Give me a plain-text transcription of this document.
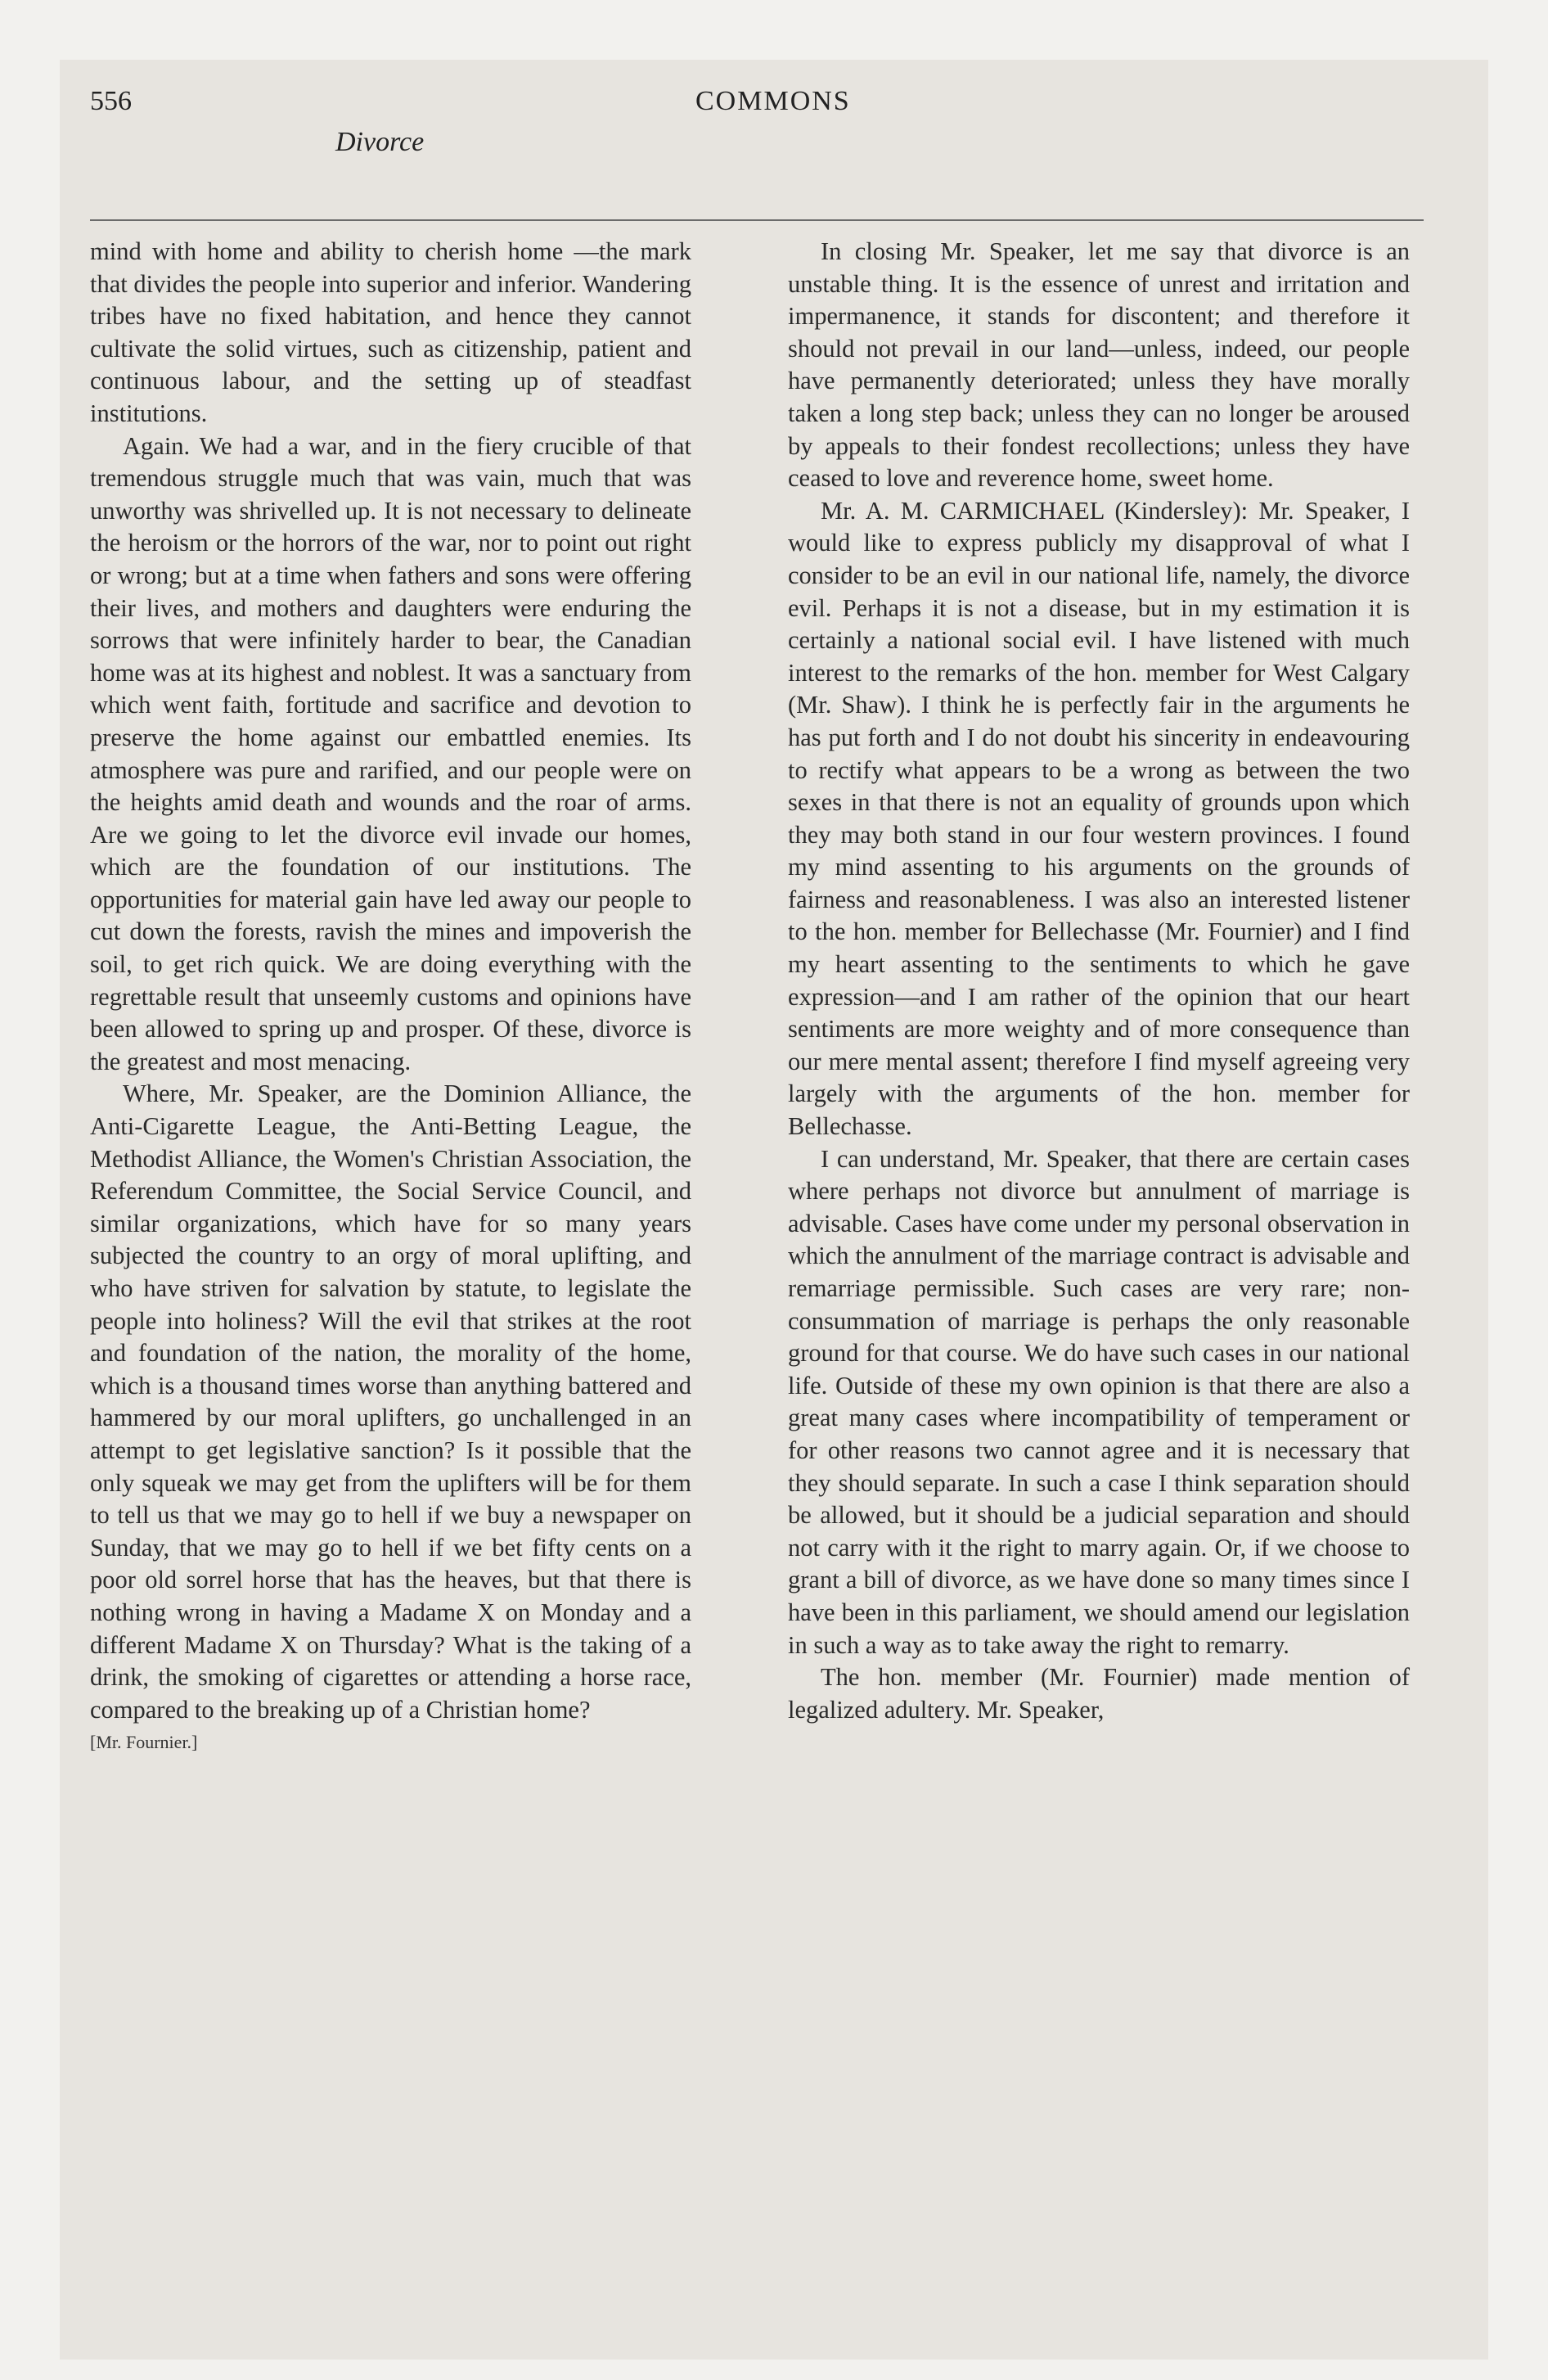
556	COMMONS
Divorce

mind with home and ability to cherish home —the mark that divides the people into superior and inferior. Wandering tribes have no fixed habitation, and hence they cannot cultivate the solid virtues, such as citizenship, patient and continuous labour, and the setting up of steadfast institutions.

Again. We had a war, and in the fiery crucible of that tremendous struggle much that was vain, much that was unworthy was shrivelled up. It is not necessary to delineate the heroism or the horrors of the war, nor to point out right or wrong; but at a time when fathers and sons were offering their lives, and mothers and daughters were enduring the sorrows that were infinitely harder to bear, the Canadian home was at its highest and noblest. It was a sanctuary from which went faith, fortitude and sacrifice and devotion to preserve the home against our embattled enemies. Its atmosphere was pure and rarified, and our people were on the heights amid death and wounds and the roar of arms. Are we going to let the divorce evil invade our homes, which are the foundation of our institutions. The opportunities for material gain have led away our people to cut down the forests, ravish the mines and impoverish the soil, to get rich quick. We are doing everything with the regrettable result that unseemly customs and opinions have been allowed to spring up and prosper. Of these, divorce is the greatest and most menacing.

Where, Mr. Speaker, are the Dominion Alliance, the Anti-Cigarette League, the Anti-Betting League, the Methodist Alliance, the Women's Christian Association, the Referendum Committee, the Social Service Council, and similar organizations, which have for so many years subjected the country to an orgy of moral uplifting, and who have striven for salvation by statute, to legislate the people into holiness? Will the evil that strikes at the root and foundation of the nation, the morality of the home, which is a thousand times worse than anything battered and hammered by our moral uplifters, go unchallenged in an attempt to get legislative sanction? Is it possible that the only squeak we may get from the uplifters will be for them to tell us that we may go to hell if we buy a newspaper on Sunday, that we may go to hell if we bet fifty cents on a poor old sorrel horse that has the heaves, but that there is nothing wrong in having a Madame X on Monday and a different Madame X on Thursday? What is the taking of a drink, the smoking of cigarettes or attending a horse race, compared to the breaking up of a Christian home?

[Mr. Fournier.]

In closing Mr. Speaker, let me say that divorce is an unstable thing. It is the essence of unrest and irritation and impermanence, it stands for discontent; and therefore it should not prevail in our land—unless, indeed, our people have permanently deteriorated; unless they have morally taken a long step back; unless they can no longer be aroused by appeals to their fondest recollections; unless they have ceased to love and reverence home, sweet home.

Mr. A. M. CARMICHAEL (Kindersley): Mr. Speaker, I would like to express publicly my disapproval of what I consider to be an evil in our national life, namely, the divorce evil. Perhaps it is not a disease, but in my estimation it is certainly a national social evil. I have listened with much interest to the remarks of the hon. member for West Calgary (Mr. Shaw). I think he is perfectly fair in the arguments he has put forth and I do not doubt his sincerity in endeavouring to rectify what appears to be a wrong as between the two sexes in that there is not an equality of grounds upon which they may both stand in our four western provinces. I found my mind assenting to his arguments on the grounds of fairness and reasonableness. I was also an interested listener to the hon. member for Bellechasse (Mr. Fournier) and I find my heart assenting to the sentiments to which he gave expression—and I am rather of the opinion that our heart sentiments are more weighty and of more consequence than our mere mental assent; therefore I find myself agreeing very largely with the arguments of the hon. member for Bellechasse.

I can understand, Mr. Speaker, that there are certain cases where perhaps not divorce but annulment of marriage is advisable. Cases have come under my personal observation in which the annulment of the marriage contract is advisable and remarriage permissible. Such cases are very rare; non-consummation of marriage is perhaps the only reasonable ground for that course. We do have such cases in our national life. Outside of these my own opinion is that there are also a great many cases where incompatibility of temperament or for other reasons two cannot agree and it is necessary that they should separate. In such a case I think separation should be allowed, but it should be a judicial separation and should not carry with it the right to marry again. Or, if we choose to grant a bill of divorce, as we have done so many times since I have been in this parliament, we should amend our legislation in such a way as to take away the right to remarry.

The hon. member (Mr. Fournier) made mention of legalized adultery. Mr. Speaker,
